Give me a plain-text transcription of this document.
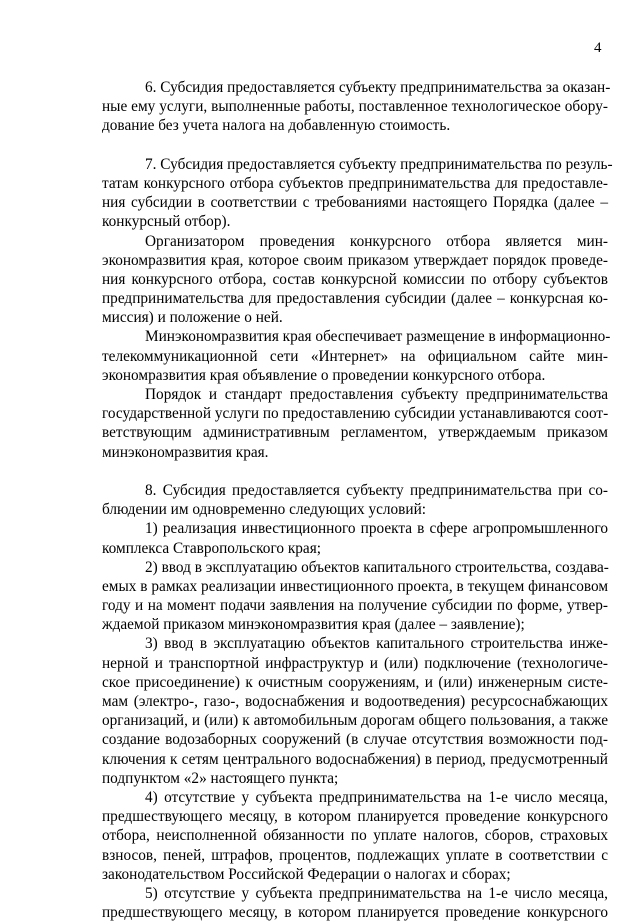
4
6. Субсидия предоставляется субъекту предпринимательства за оказан-
ные ему услуги, выполненные работы, поставленное технологическое обору-
дование без учета налога на добавленную стоимость.
7. Субсидия предоставляется субъекту предпринимательства по резуль-
татам конкурсного отбора субъектов предпринимательства для предоставле-
ния субсидии в соответствии с требованиями настоящего Порядка (далее –
конкурсный отбор).
Организатором проведения конкурсного отбора является мин-
экономразвития края, которое своим приказом утверждает порядок проведе-
ния конкурсного отбора, состав конкурсной комиссии по отбору субъектов
предпринимательства для предоставления субсидии (далее – конкурсная ко-
миссия) и положение о ней.
Минэкономразвития края обеспечивает размещение в информационно-
телекоммуникационной сети «Интернет» на официальном сайте мин-
экономразвития края объявление о проведении конкурсного отбора.
Порядок и стандарт предоставления субъекту предпринимательства
государственной услуги по предоставлению субсидии устанавливаются соот-
ветствующим административным регламентом, утверждаемым приказом
минэкономразвития края.
8. Субсидия предоставляется субъекту предпринимательства при со-
блюдении им одновременно следующих условий:
1) реализация инвестиционного проекта в сфере агропромышленного
комплекса Ставропольского края;
2) ввод в эксплуатацию объектов капитального строительства, создава-
емых в рамках реализации инвестиционного проекта, в текущем финансовом
году и на момент подачи заявления на получение субсидии по форме, утвер-
ждаемой приказом минэкономразвития края (далее – заявление);
3) ввод в эксплуатацию объектов капитального строительства инже-
нерной и транспортной инфраструктур и (или) подключение (технологиче-
ское присоединение) к очистным сооружениям, и (или) инженерным систе-
мам (электро-, газо-, водоснабжения и водоотведения) ресурсоснабжающих
организаций, и (или) к автомобильным дорогам общего пользования, а также
создание водозаборных сооружений (в случае отсутствия возможности под-
ключения к сетям центрального водоснабжения) в период, предусмотренный
подпунктом «2» настоящего пункта;
4) отсутствие у субъекта предпринимательства на 1-е число месяца,
предшествующего месяцу, в котором планируется проведение конкурсного
отбора, неисполненной обязанности по уплате налогов, сборов, страховых
взносов, пеней, штрафов, процентов, подлежащих уплате в соответствии с
законодательством Российской Федерации о налогах и сборах;
5) отсутствие у субъекта предпринимательства на 1-е число месяца,
предшествующего месяцу, в котором планируется проведение конкурсного
